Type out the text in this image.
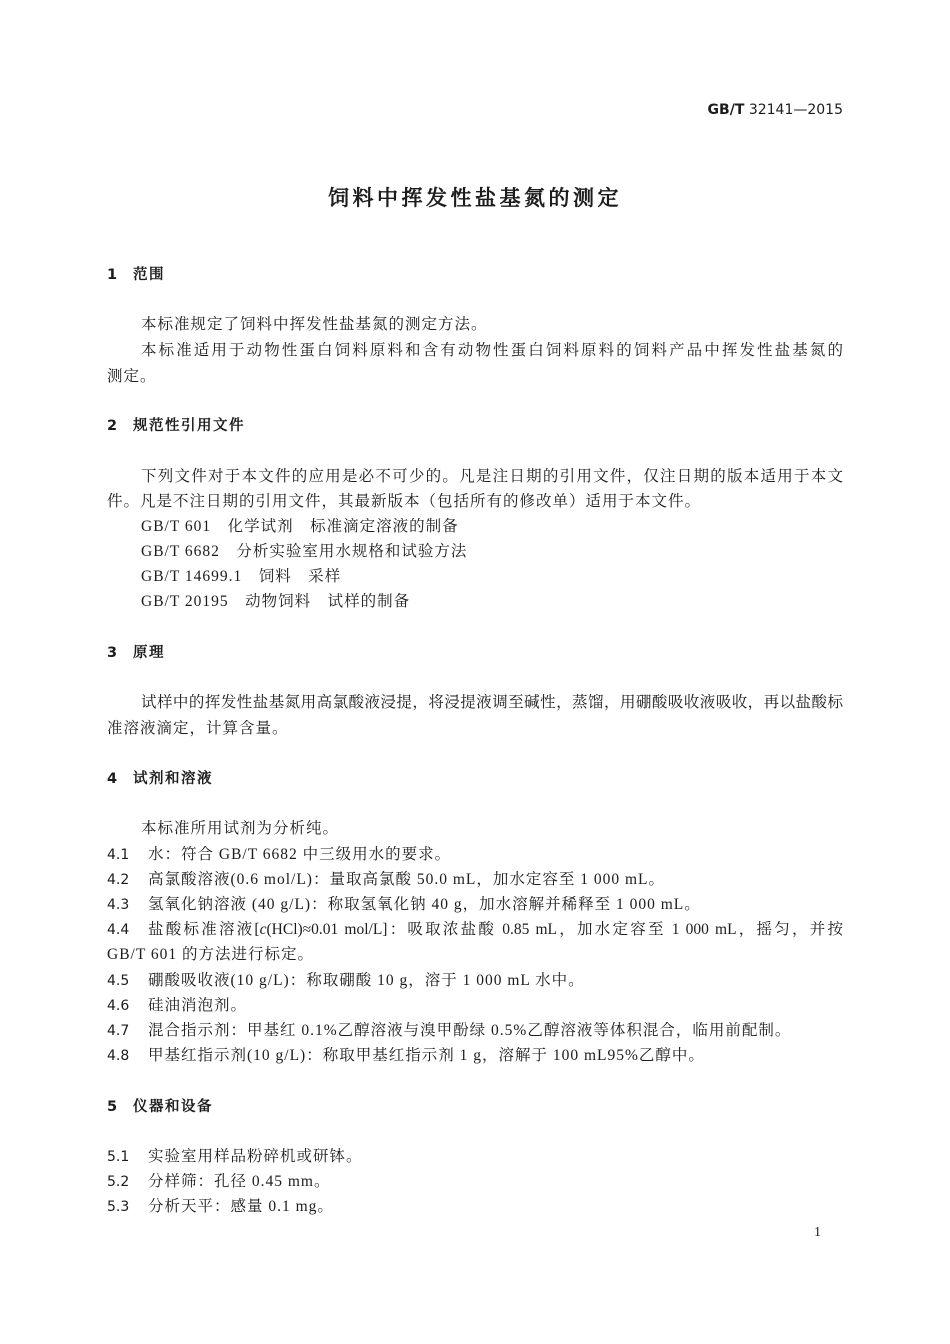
GB/T 32141—2015
饲料中挥发性盐基氮的测定
1 范围
本标准规定了饲料中挥发性盐基氮的测定方法。
本标准适用于动物性蛋白饲料原料和含有动物性蛋白饲料原料的饲料产品中挥发性盐基氮的
测定。
2 规范性引用文件
下列文件对于本文件的应用是必不可少的。凡是注日期的引用文件，仅注日期的版本适用于本文
件。凡是不注日期的引用文件，其最新版本（包括所有的修改单）适用于本文件。
GB/T 601　化学试剂　标准滴定溶液的制备
GB/T 6682　分析实验室用水规格和试验方法
GB/T 14699.1　饲料　采样
GB/T 20195　动物饲料　试样的制备
3 原理
试样中的挥发性盐基氮用高氯酸液浸提，将浸提液调至碱性，蒸馏，用硼酸吸收液吸收，再以盐酸标
准溶液滴定，计算含量。
4 试剂和溶液
本标准所用试剂为分析纯。
4.1	水：符合 GB/T 6682 中三级用水的要求。
4.2	高氯酸溶液(0.6 mol/L)：量取高氯酸 50.0 mL，加水定容至 1 000 mL。
4.3	氢氧化钠溶液 (40 g/L)：称取氢氧化钠 40 g，加水溶解并稀释至 1 000 mL。
4.4	盐酸标准溶液[c(HCl)≈0.01 mol/L]：吸取浓盐酸 0.85 mL，加水定容至 1 000 mL，摇匀，并按
GB/T 601 的方法进行标定。
4.5	硼酸吸收液(10 g/L)：称取硼酸 10 g，溶于 1 000 mL 水中。
4.6	硅油消泡剂。
4.7	混合指示剂：甲基红 0.1%乙醇溶液与溴甲酚绿 0.5%乙醇溶液等体积混合，临用前配制。
4.8	甲基红指示剂(10 g/L)：称取甲基红指示剂 1 g，溶解于 100 mL95%乙醇中。
5 仪器和设备
5.1	实验室用样品粉碎机或研钵。
5.2	分样筛：孔径 0.45 mm。
5.3	分析天平：感量 0.1 mg。
1
